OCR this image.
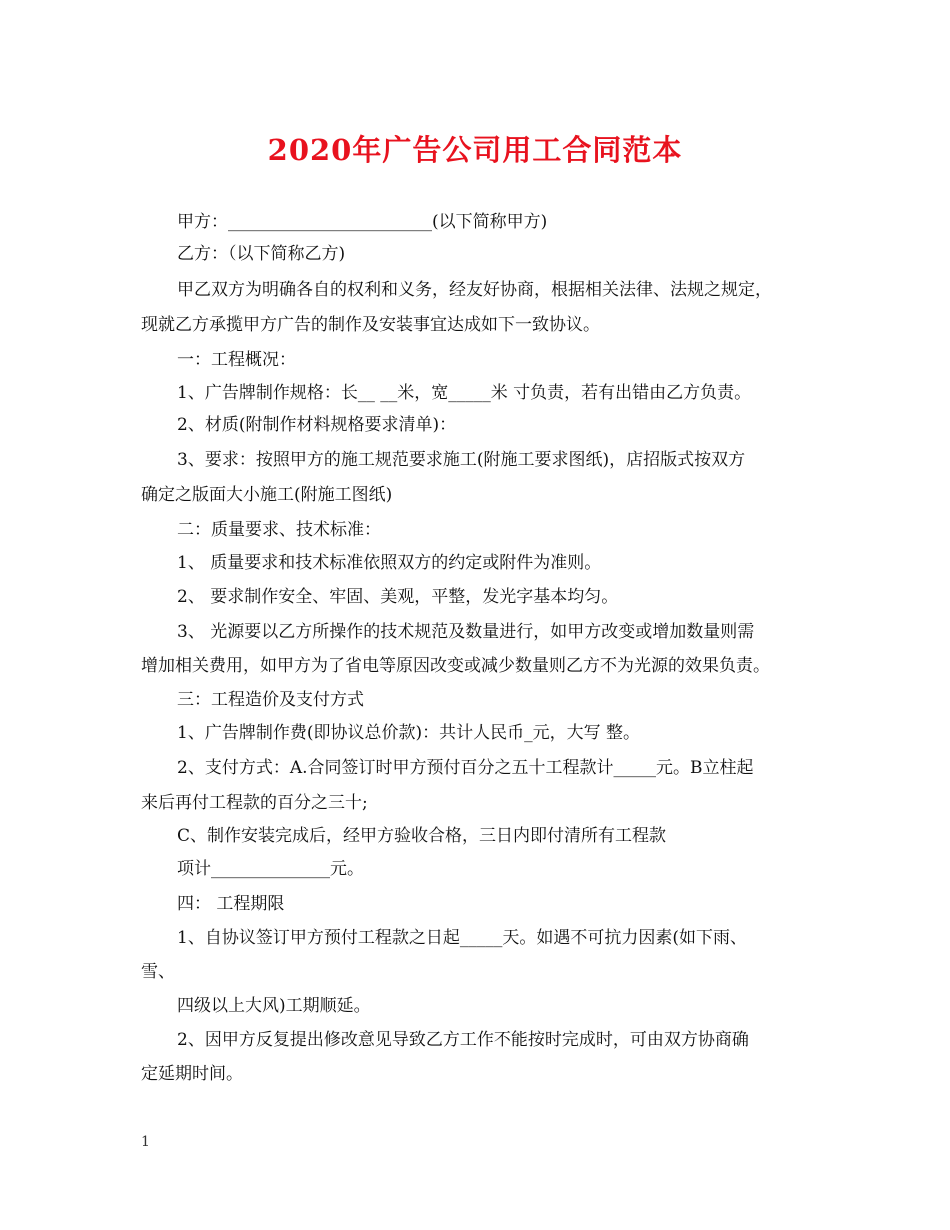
2020年广告公司用工合同范本
甲方：________________________(以下简称甲方)
乙方：（以下简称乙方)
甲乙双方为明确各自的权利和义务，经友好协商，根据相关法律、法规之规定，
现就乙方承揽甲方广告的制作及安装事宜达成如下一致协议。
一：工程概况：
1、广告牌制作规格：长__ __米，宽_____米 寸负责，若有出错由乙方负责。
2、材质(附制作材料规格要求清单)：
3、要求：按照甲方的施工规范要求施工(附施工要求图纸)，店招版式按双方
确定之版面大小施工(附施工图纸)
二：质量要求、技术标准：
1、 质量要求和技术标准依照双方的约定或附件为准则。
2、 要求制作安全、牢固、美观，平整，发光字基本均匀。
3、 光源要以乙方所操作的技术规范及数量进行，如甲方改变或增加数量则需
增加相关费用，如甲方为了省电等原因改变或减少数量则乙方不为光源的效果负责。
三：工程造价及支付方式
1、广告牌制作费(即协议总价款)：共计人民币_元，大写 整。
2、支付方式：A.合同签订时甲方预付百分之五十工程款计_____元。B立柱起
来后再付工程款的百分之三十;
C、制作安装完成后，经甲方验收合格，三日内即付清所有工程款
项计______________元。
四： 工程期限
1、自协议签订甲方预付工程款之日起_____天。如遇不可抗力因素(如下雨、
雪、
四级以上大风)工期顺延。
2、因甲方反复提出修改意见导致乙方工作不能按时完成时，可由双方协商确
定延期时间。
1
